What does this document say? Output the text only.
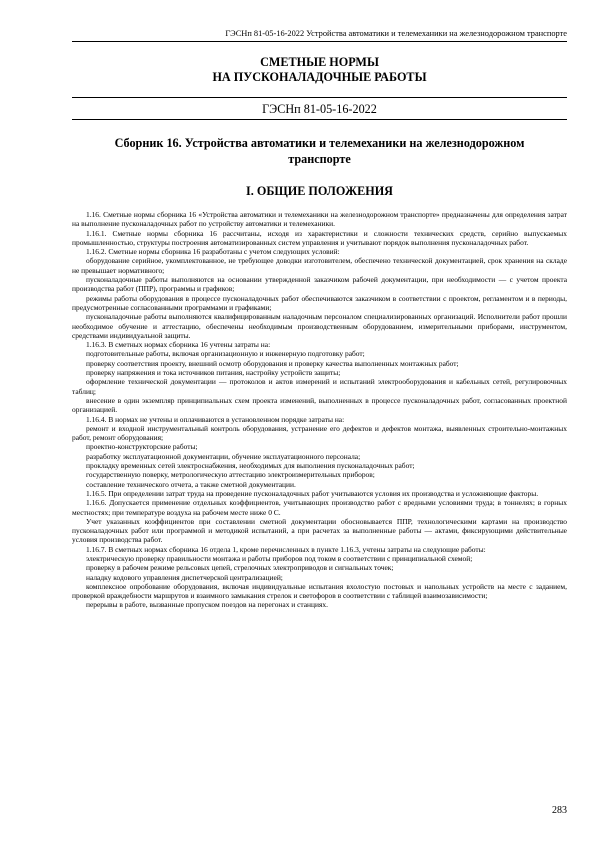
ГЭСНп 81-05-16-2022 Устройства автоматики и телемеханики на железнодорожном транспорте
СМЕТНЫЕ НОРМЫ
НА ПУСКОНАЛАДОЧНЫЕ РАБОТЫ
ГЭСНп 81-05-16-2022
Сборник 16. Устройства автоматики и телемеханики на железнодорожном
транспорте
I. ОБЩИЕ ПОЛОЖЕНИЯ

1.16. Сметные нормы сборника 16 «Устройства автоматики и телемеханики на железнодорожном транспорте» предназначены для определения затрат на выполнение пусконаладочных работ по устройству автоматики и телемеханики.

1.16.1. Сметные нормы сборника 16 рассчитаны, исходя из характеристики и сложности технических средств, серийно выпускаемых промышленностью, структуры построения автоматизированных систем управления и учитывают порядок выполнения пусконаладочных работ.

1.16.2. Сметные нормы сборника 16 разработаны с учетом следующих условий:

оборудование серийное, укомплектованное, не требующее доводки изготовителем, обеспечено технической документацией, срок хранения на складе не превышает нормативного;

пусконаладочные работы выполняются на основании утвержденной заказчиком рабочей документации, при необходимости — с учетом проекта производства работ (ППР), программы и графиков;

режимы работы оборудования в процессе пусконаладочных работ обеспечиваются заказчиком в соответствии с проектом, регламентом и в периоды, предусмотренные согласованными программами и графиками;

пусконаладочные работы выполняются квалифицированным наладочным персоналом специализированных организаций. Исполнители работ прошли необходимое обучение и аттестацию, обеспечены необходимым производственным оборудованием, измерительными приборами, инструментом, средствами индивидуальной защиты.

1.16.3. В сметных нормах сборника 16 учтены затраты на:

подготовительные работы, включая организационную и инженерную подготовку работ;

проверку соответствия проекту, внешний осмотр оборудования и проверку качества выполненных монтажных работ;

проверку напряжения и тока источников питания, настройку устройств защиты;

оформление технической документации — протоколов и актов измерений и испытаний электрооборудования и кабельных сетей, регулировочных таблиц;

внесение в один экземпляр принципиальных схем проекта изменений, выполненных в процессе пусконаладочных работ, согласованных проектной организацией.

1.16.4. В нормах не учтены и оплачиваются в установленном порядке затраты на:

ремонт и входной инструментальный контроль оборудования, устранение его дефектов и дефектов монтажа, выявленных строительно-монтажных работ, ремонт оборудования;

проектно-конструкторские работы;

разработку эксплуатационной документации, обучение эксплуатационного персонала;

прокладку временных сетей электроснабжения, необходимых для выполнения пусконаладочных работ;

государственную поверку, метрологическую аттестацию электроизмерительных приборов;

составление технического отчета, а также сметной документации.

1.16.5. При определении затрат труда на проведение пусконаладочных работ учитываются условия их производства и усложняющие факторы.

1.16.6. Допускается применение отдельных коэффициентов, учитывающих производство работ с вредными условиями труда; в тоннелях; в горных местностях; при температуре воздуха на рабочем месте ниже 0 С.

Учет указанных коэффициентов при составлении сметной документации обосновывается ППР, технологическими картами на производство пусконаладочных работ или программой и методикой испытаний, а при расчетах за выполненные работы — актами, фиксирующими действительные условия производства работ.

1.16.7. В сметных нормах сборника 16 отдела 1, кроме перечисленных в пункте 1.16.3, учтены затраты на следующие работы:

электрическую проверку правильности монтажа и работы приборов под током в соответствии с принципиальной схемой;

проверку в рабочем режиме рельсовых цепей, стрелочных электроприводов и сигнальных точек;

наладку кодового управления диспетчерской централизацией;

комплексное опробование оборудования, включая индивидуальные испытания вхолостую постовых и напольных устройств на месте с заданием, проверкой враждебности маршрутов и взаимного замыкания стрелок и светофоров в соответствии с таблицей взаимозависимости;

перерывы в работе, вызванные пропуском поездов на перегонах и станциях.

283
